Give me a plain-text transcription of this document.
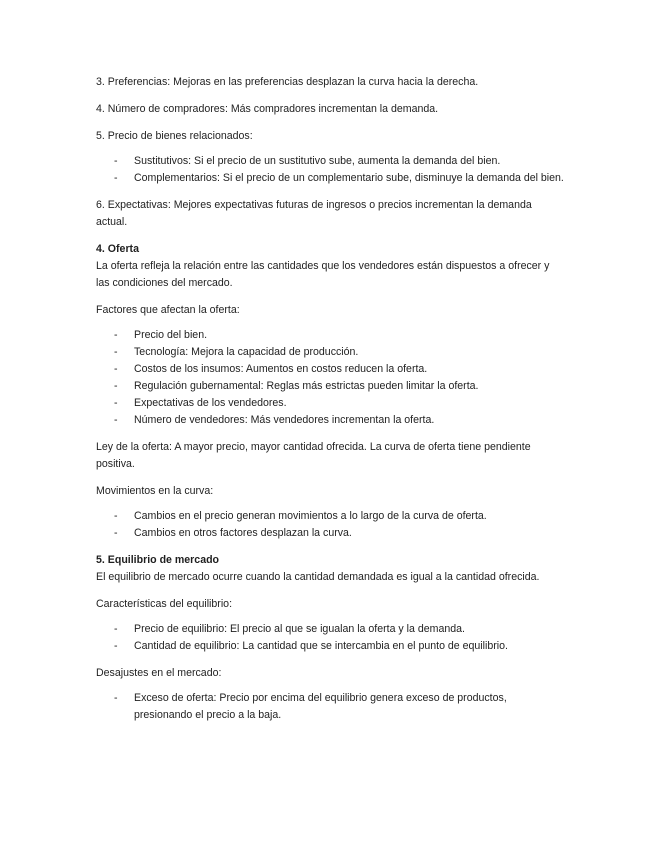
3. Preferencias: Mejoras en las preferencias desplazan la curva hacia la derecha.

4. Número de compradores: Más compradores incrementan la demanda.

5. Precio de bienes relacionados:

- Sustitutivos: Si el precio de un sustitutivo sube, aumenta la demanda del bien.
- Complementarios: Si el precio de un complementario sube, disminuye la demanda del bien.

6. Expectativas: Mejores expectativas futuras de ingresos o precios incrementan la demanda actual.

4. Oferta

La oferta refleja la relación entre las cantidades que los vendedores están dispuestos a ofrecer y las condiciones del mercado.

Factores que afectan la oferta:

- Precio del bien.
- Tecnología: Mejora la capacidad de producción.
- Costos de los insumos: Aumentos en costos reducen la oferta.
- Regulación gubernamental: Reglas más estrictas pueden limitar la oferta.
- Expectativas de los vendedores.
- Número de vendedores: Más vendedores incrementan la oferta.

Ley de la oferta: A mayor precio, mayor cantidad ofrecida. La curva de oferta tiene pendiente positiva.

Movimientos en la curva:

- Cambios en el precio generan movimientos a lo largo de la curva de oferta.
- Cambios en otros factores desplazan la curva.

5. Equilibrio de mercado

El equilibrio de mercado ocurre cuando la cantidad demandada es igual a la cantidad ofrecida.

Características del equilibrio:

- Precio de equilibrio: El precio al que se igualan la oferta y la demanda.
- Cantidad de equilibrio: La cantidad que se intercambia en el punto de equilibrio.

Desajustes en el mercado:

- Exceso de oferta: Precio por encima del equilibrio genera exceso de productos, presionando el precio a la baja.
